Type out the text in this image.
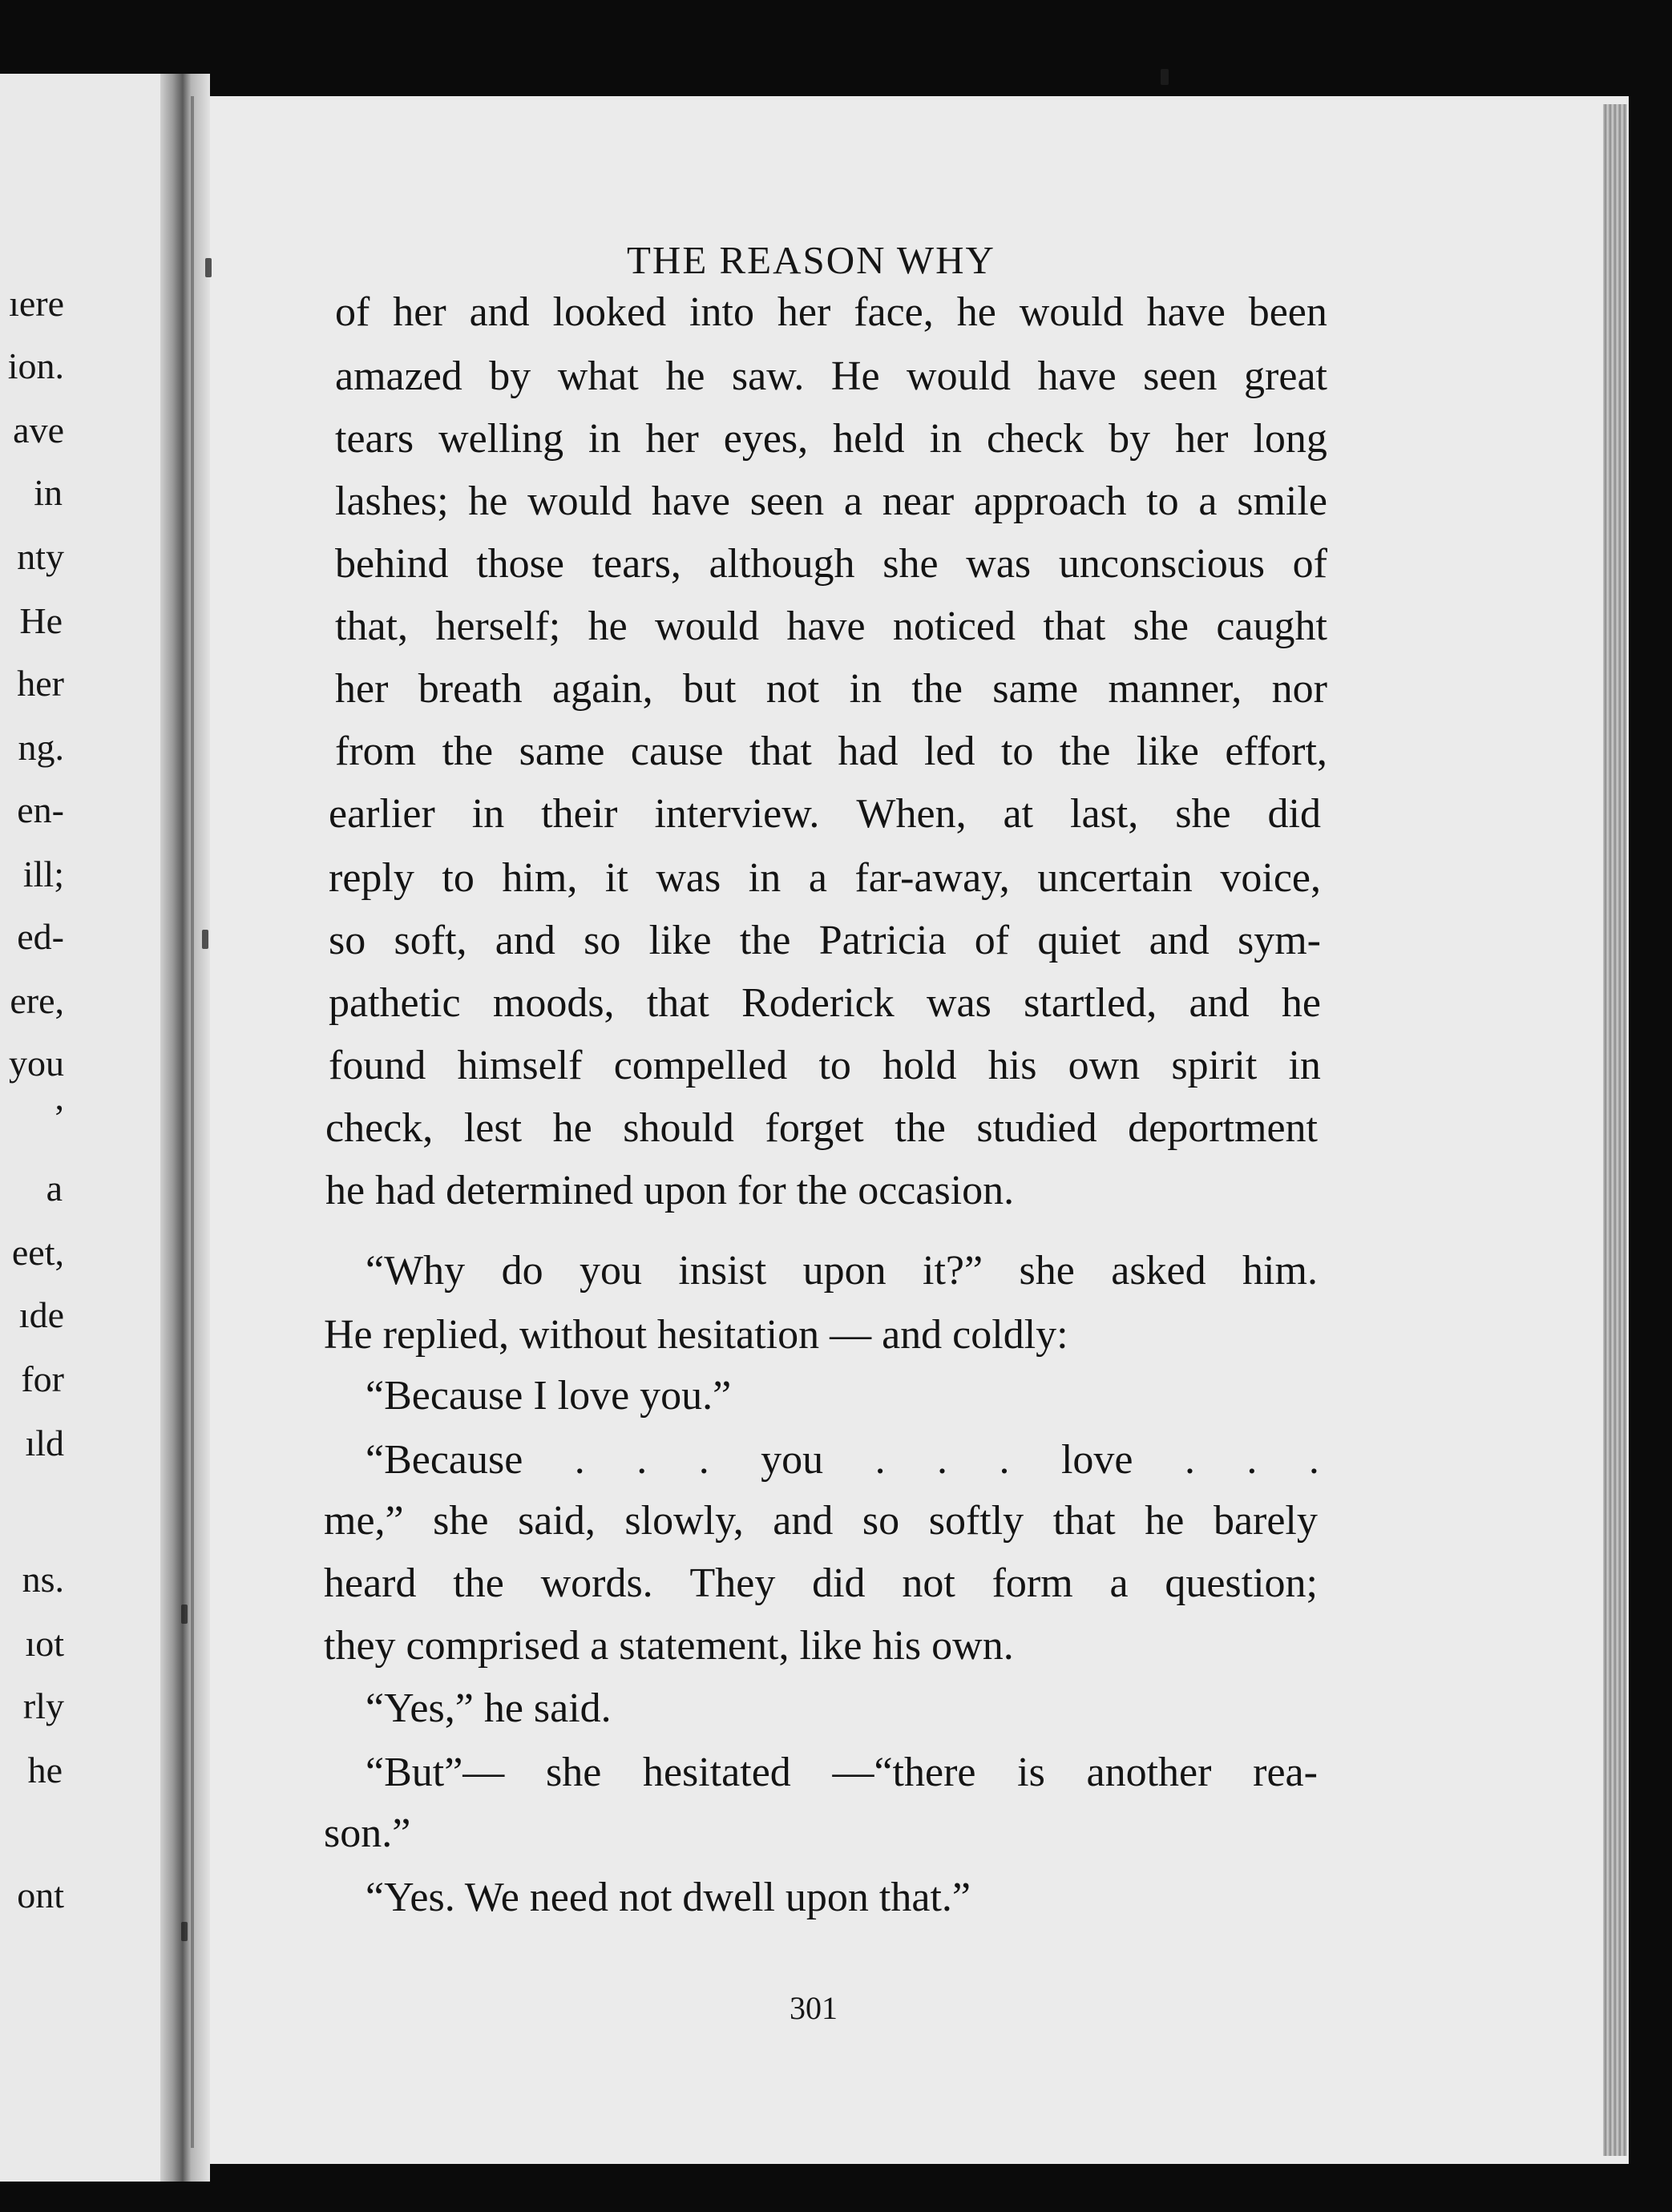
ıere
ion.
ave
in
nty
He
her
ng.
en-
ill;
ed-
ere,
you
,
a
eet,
ıde
for
ıld
ns.
ıot
rly
he
ont
THE REASON WHY
of her and looked into her face, he would have been
amazed by what he saw. He would have seen great
tears welling in her eyes, held in check by her long
lashes; he would have seen a near approach to a smile
behind those tears, although she was unconscious of
that, herself; he would have noticed that she caught
her breath again, but not in the same manner, nor
from the same cause that had led to the like effort,
earlier in their interview. When, at last, she did
reply to him, it was in a far-away, uncertain voice,
so soft, and so like the Patricia of quiet and sym-
pathetic moods, that Roderick was startled, and he
found himself compelled to hold his own spirit in
check, lest he should forget the studied deportment
he had determined upon for the occasion.
“Why do you insist upon it?” she asked him.
He replied, without hesitation — and coldly:
“Because I love you.”
“Because . . . you . . . love . . .
me,” she said, slowly, and so softly that he barely
heard the words. They did not form a question;
they comprised a statement, like his own.
“Yes,” he said.
“But”— she hesitated —“there is another rea-
son.”
“Yes. We need not dwell upon that.”
301
